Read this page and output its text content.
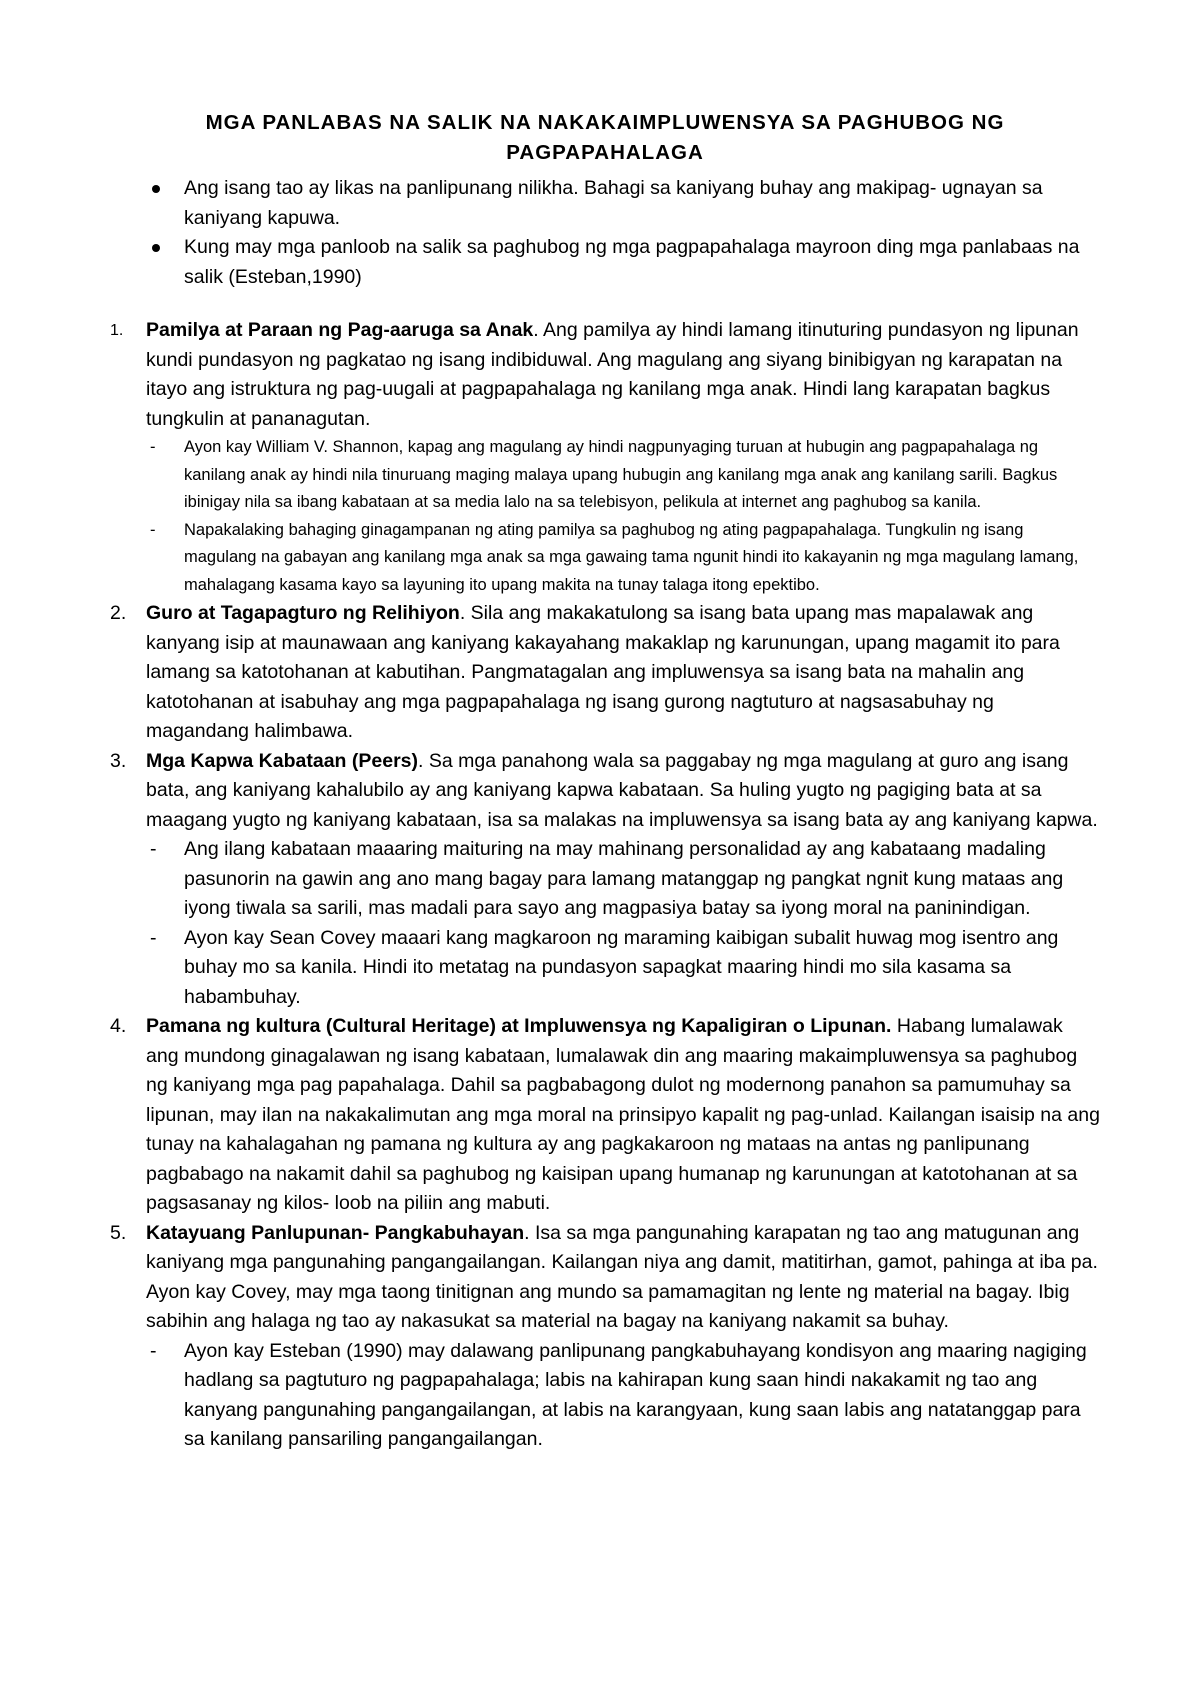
MGA PANLABAS NA SALIK NA NAKAKAIMPLUWENSYA SA PAGHUBOG NG
PAGPAPAHALAGA
Ang isang tao ay likas na panlipunang nilikha. Bahagi sa kaniyang buhay ang makipag- ugnayan sa kaniyang kapuwa.
Kung may mga panloob na salik sa paghubog ng mga pagpapahalaga mayroon ding mga panlabaas na salik (Esteban,1990)
1. Pamilya at Paraan ng Pag-aaruga sa Anak. Ang pamilya ay hindi lamang itinuturing pundasyon ng lipunan kundi pundasyon ng pagkatao ng isang indibiduwal. Ang magulang ang siyang binibigyan ng karapatan na itayo ang istruktura ng pag-uugali at pagpapahalaga ng kanilang mga anak. Hindi lang karapatan bagkus tungkulin at pananagutan.
- Ayon kay William V. Shannon, kapag ang magulang ay hindi nagpunyaging turuan at hubugin ang pagpapahalaga ng kanilang anak ay hindi nila tinuruang maging malaya upang hubugin ang kanilang mga anak ang kanilang sarili. Bagkus ibinigay nila sa ibang kabataan at sa media lalo na sa telebisyon, pelikula at internet ang paghubog sa kanila.
- Napakalaking bahaging ginagampanan ng ating pamilya sa paghubog ng ating pagpapahalaga. Tungkulin ng isang magulang na gabayan ang kanilang mga anak sa mga gawaing tama ngunit hindi ito kakayanin ng mga magulang lamang, mahalagang kasama kayo sa layuning ito upang makita na tunay talaga itong epektibo.
2. Guro at Tagapagturo ng Relihiyon. Sila ang makakatulong sa isang bata upang mas mapalawak ang kanyang isip at maunawaan ang kaniyang kakayahang makaklap ng karunungan, upang magamit ito para lamang sa katotohanan at kabutihan. Pangmatagalan ang impluwensya sa isang bata na mahalin ang katotohanan at isabuhay ang mga pagpapahalaga ng isang gurong nagtuturo at nagsasabuhay ng magandang halimbawa.
3. Mga Kapwa Kabataan (Peers). Sa mga panahong wala sa paggabay ng mga magulang at guro ang isang bata, ang kaniyang kahalubilo ay ang kaniyang kapwa kabataan. Sa huling yugto ng pagiging bata at sa maagang yugto ng kaniyang kabataan, isa sa malakas na impluwensya sa isang bata ay ang kaniyang kapwa.
- Ang ilang kabataan maaaring maituring na may mahinang personalidad ay ang kabataang madaling pasunorin na gawin ang ano mang bagay para lamang matanggap ng pangkat ngnit kung mataas ang iyong tiwala sa sarili, mas madali para sayo ang magpasiya batay sa iyong moral na paninindigan.
- Ayon kay Sean Covey maaari kang magkaroon ng maraming kaibigan subalit huwag mog isentro ang buhay mo sa kanila. Hindi ito metatag na pundasyon sapagkat maaring hindi mo sila kasama sa habambuhay.
4. Pamana ng kultura (Cultural Heritage) at Impluwensya ng Kapaligiran o Lipunan. Habang lumalawak ang mundong ginagalawan ng isang kabataan, lumalawak din ang maaring makaimpluwensya sa paghubog ng kaniyang mga pag papahalaga. Dahil sa pagbabagong dulot ng modernong panahon sa pamumuhay sa lipunan, may ilan na nakakalimutan ang mga moral na prinsipyo kapalit ng pag-unlad. Kailangan isaisip na ang tunay na kahalagahan ng pamana ng kultura ay ang pagkakaroon ng mataas na antas ng panlipunang pagbabago na nakamit dahil sa paghubog ng kaisipan upang humanap ng karunungan at katotohanan at sa pagsasanay ng kilos- loob na piliin ang mabuti.
5. Katayuang Panlupunan- Pangkabuhayan. Isa sa mga pangunahing karapatan ng tao ang matugunan ang kaniyang mga pangunahing pangangailangan. Kailangan niya ang damit, matitirhan, gamot, pahinga at iba pa. Ayon kay Covey, may mga taong tinitignan ang mundo sa pamamagitan ng lente ng material na bagay. Ibig sabihin ang halaga ng tao ay nakasukat sa material na bagay na kaniyang nakamit sa buhay.
- Ayon kay Esteban (1990) may dalawang panlipunang pangkabuhayang kondisyon ang maaring nagiging hadlang sa pagtuturo ng pagpapahalaga; labis na kahirapan kung saan hindi nakakamit ng tao ang kanyang pangunahing pangangailangan, at labis na karangyaan, kung saan labis ang natatanggap para sa kanilang pansariling pangangailangan.
